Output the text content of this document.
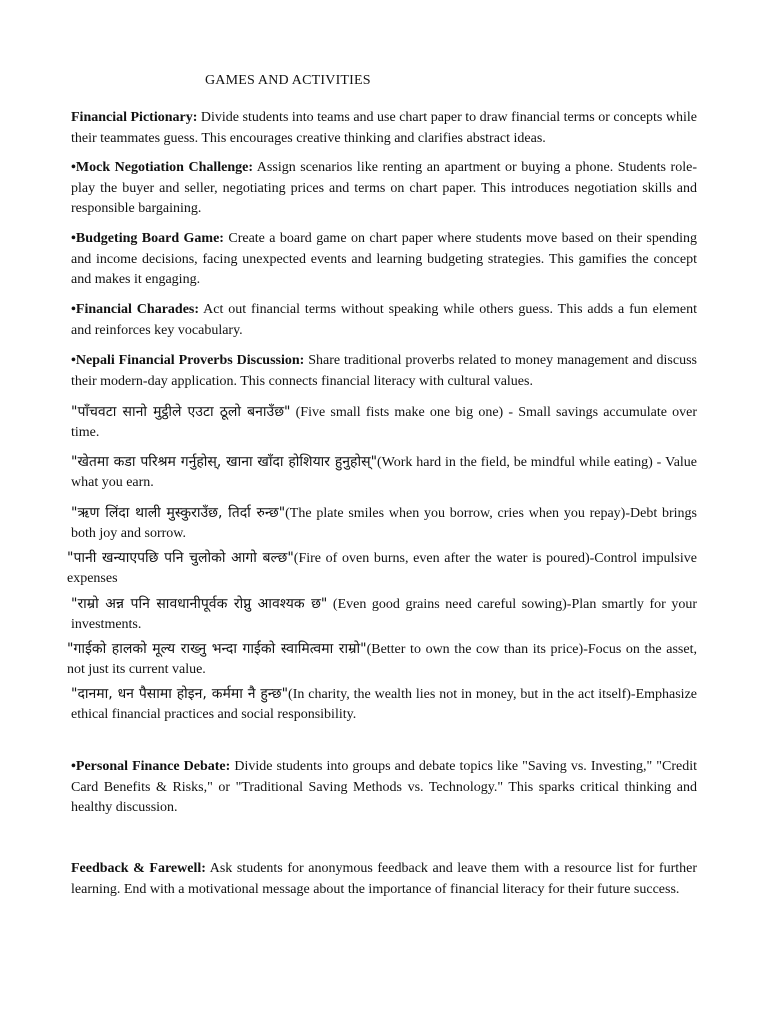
GAMES AND ACTIVITIES

Financial Pictionary: Divide students into teams and use chart paper to draw financial terms or concepts while their teammates guess. This encourages creative thinking and clarifies abstract ideas.

•Mock Negotiation Challenge: Assign scenarios like renting an apartment or buying a phone. Students role-play the buyer and seller, negotiating prices and terms on chart paper. This introduces negotiation skills and responsible bargaining.

•Budgeting Board Game: Create a board game on chart paper where students move based on their spending and income decisions, facing unexpected events and learning budgeting strategies. This gamifies the concept and makes it engaging.

•Financial Charades: Act out financial terms without speaking while others guess. This adds a fun element and reinforces key vocabulary.

•Nepali Financial Proverbs Discussion: Share traditional proverbs related to money management and discuss their modern-day application. This connects financial literacy with cultural values.

"पाँचवटा सानो मुट्ठीले एउटा ठूलो बनाउँछ" (Five small fists make one big one) - Small savings accumulate over time.

"खेतमा कडा परिश्रम गर्नुहोस्, खाना खाँदा होशियार हुनुहोस्"(Work hard in the field, be mindful while eating) - Value what you earn.

"ऋण लिंदा थाली मुस्कुराउँछ, तिर्दा रुन्छ"(The plate smiles when you borrow, cries when you repay)-Debt brings both joy and sorrow.

"पानी खन्याएपछि पनि चुलोको आगो बल्छ"(Fire of oven burns, even after the water is poured)-Control impulsive expenses

"राम्रो अन्न पनि सावधानीपूर्वक रोप्नु आवश्यक छ" (Even good grains need careful sowing)-Plan smartly for your investments.

"गाईको हालको मूल्य राख्नु भन्दा गाईको स्वामित्वमा राम्रो"(Better to own the cow than its price)-Focus on the asset, not just its current value.

"दानमा, धन पैसामा होइन, कर्ममा नै हुन्छ"(In charity, the wealth lies not in money, but in the act itself)-Emphasize ethical financial practices and social responsibility.

•Personal Finance Debate: Divide students into groups and debate topics like "Saving vs. Investing," "Credit Card Benefits & Risks," or "Traditional Saving Methods vs. Technology." This sparks critical thinking and healthy discussion.

Feedback & Farewell: Ask students for anonymous feedback and leave them with a resource list for further learning. End with a motivational message about the importance of financial literacy for their future success.
